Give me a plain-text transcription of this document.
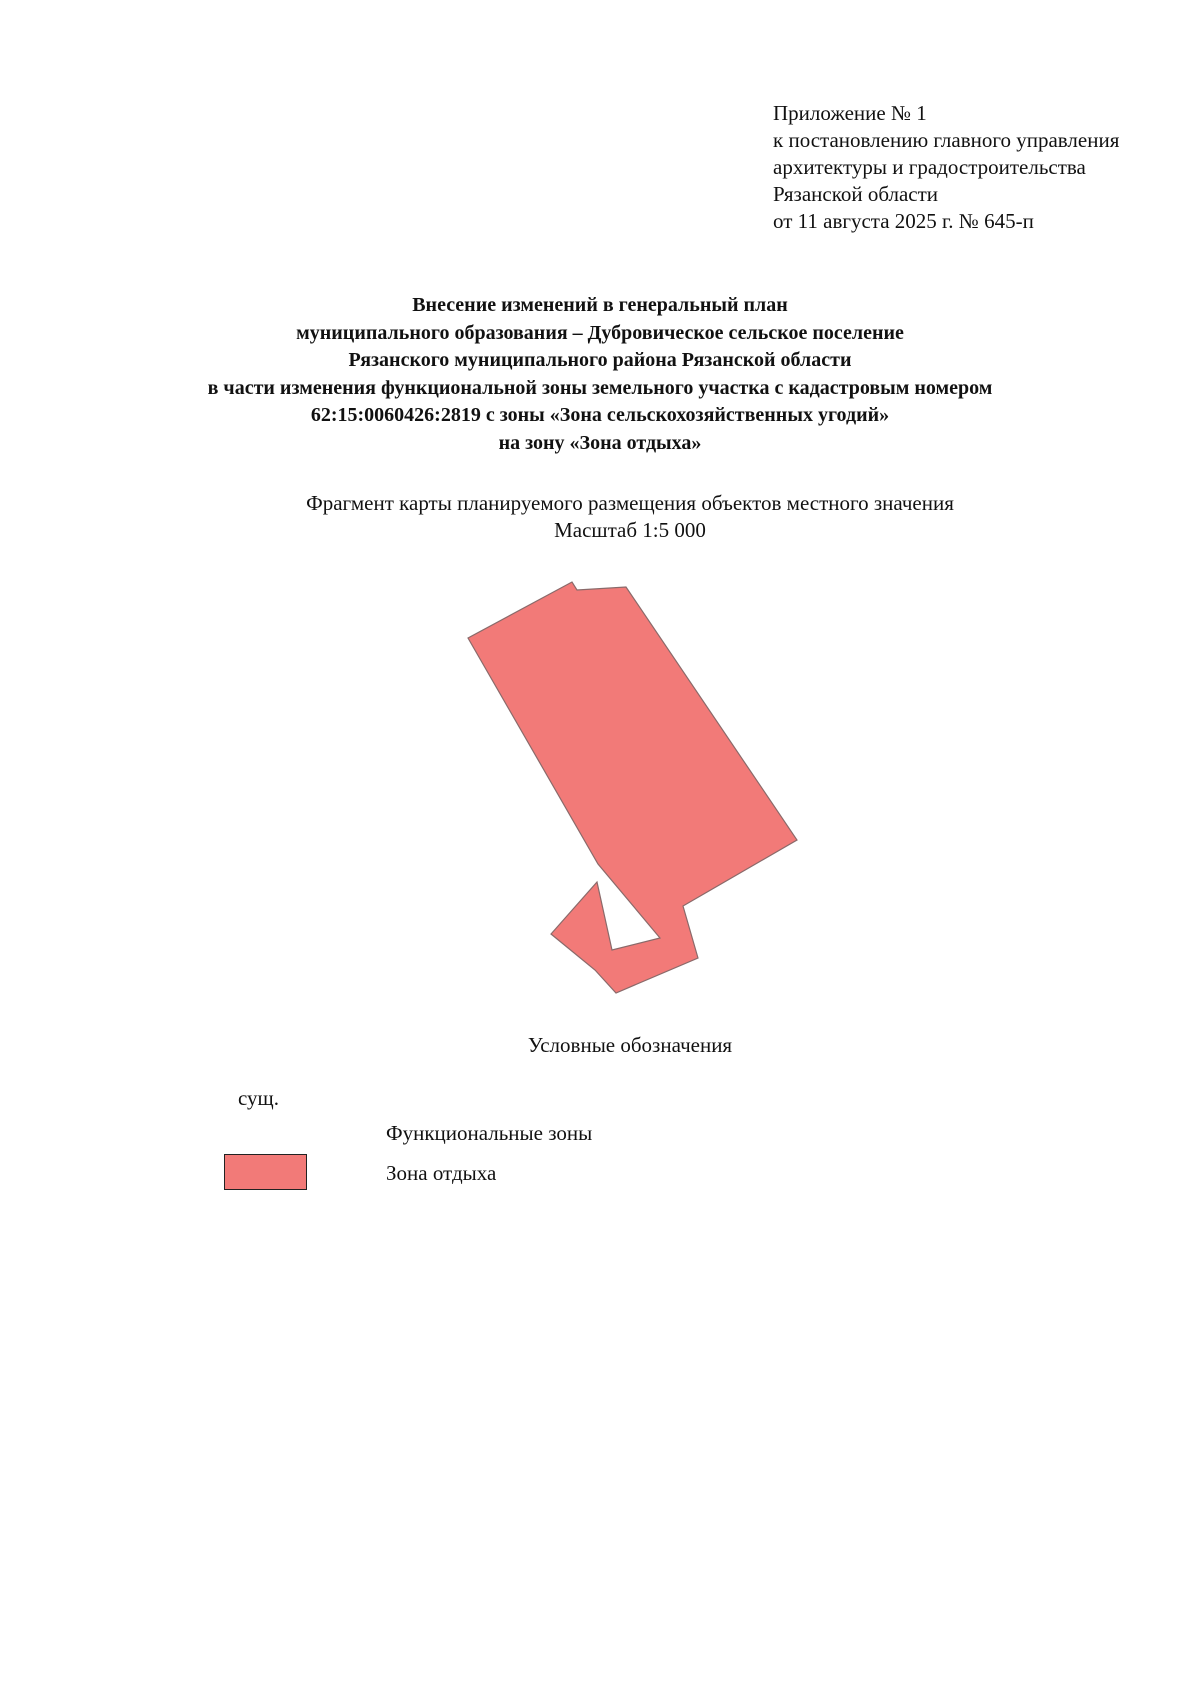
Приложение № 1
к постановлению главного управления
архитектуры и градостроительства
Рязанской области
от 11 августа 2025 г. № 645-п
Внесение изменений в генеральный план
муниципального образования – Дубровическое сельское поселение
Рязанского муниципального района Рязанской области
в части изменения функциональной зоны земельного участка с кадастровым номером
62:15:0060426:2819 с зоны «Зона сельскохозяйственных угодий»
на зону «Зона отдыха»
Фрагмент карты планируемого размещения объектов местного значения
Масштаб 1:5 000
Условные обозначения
сущ.
Функциональные зоны
Зона отдыха
